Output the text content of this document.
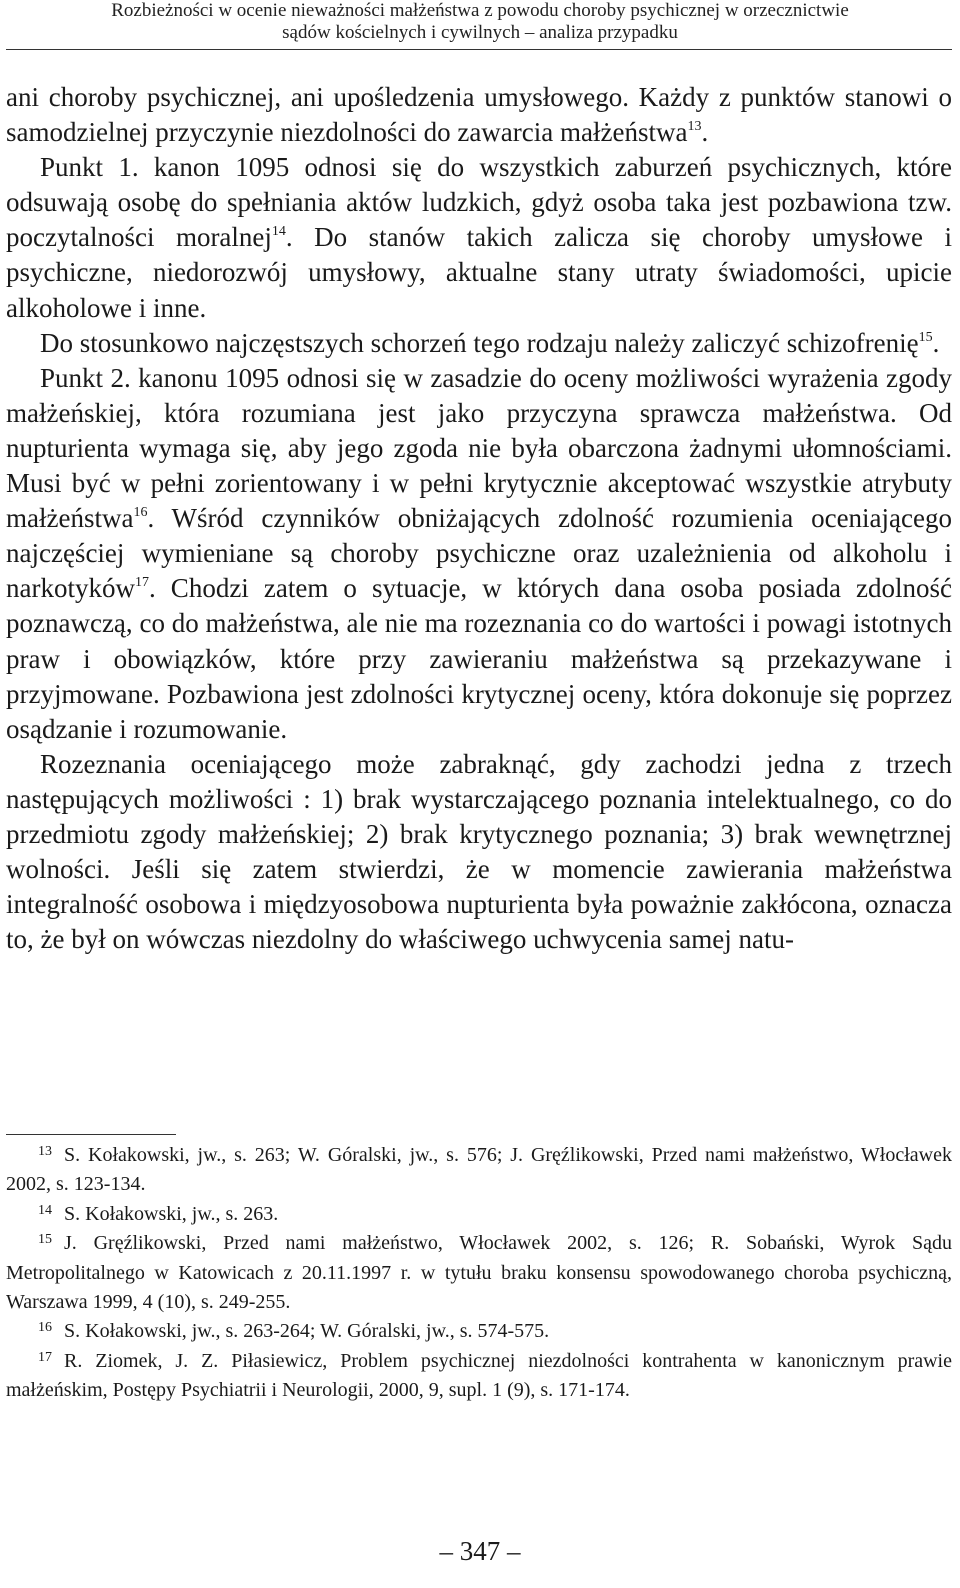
Rozbieżności w ocenie nieważności małżeństwa z powodu choroby psychicznej w orzecznictwie
sądów kościelnych i cywilnych – analiza przypadku

ani choroby psychicznej, ani upośledzenia umysłowego. Każdy z punktów stanowi o samodzielnej przyczynie niezdolności do zawarcia małżeństwa$^{13}$.

Punkt 1. kanon 1095 odnosi się do wszystkich zaburzeń psychicznych, które odsuwają osobę do spełniania aktów ludzkich, gdyż osoba taka jest pozbawiona tzw. poczytalności moralnej$^{14}$. Do stanów takich zalicza się choroby umysłowe i psychiczne, niedorozwój umysłowy, aktualne stany utraty świadomości, upicie alkoholowe i inne.

Do stosunkowo najczęstszych schorzeń tego rodzaju należy zaliczyć schizofrenię$^{15}$.

Punkt 2. kanonu 1095 odnosi się w zasadzie do oceny możliwości wyrażenia zgody małżeńskiej, która rozumiana jest jako przyczyna sprawcza małżeństwa. Od nupturienta wymaga się, aby jego zgoda nie była obarczona żadnymi ułomnościami. Musi być w pełni zorientowany i w pełni krytycznie akceptować wszystkie atrybuty małżeństwa$^{16}$. Wśród czynników obniżających zdolność rozumienia oceniającego najczęściej wymieniane są choroby psychiczne oraz uzależnienia od alkoholu i narkotyków$^{17}$. Chodzi zatem o sytuacje, w których dana osoba posiada zdolność poznawczą, co do małżeństwa, ale nie ma rozeznania co do wartości i powagi istotnych praw i obowiązków, które przy zawieraniu małżeństwa są przekazywane i przyjmowane. Pozbawiona jest zdolności krytycznej oceny, która dokonuje się poprzez osądzanie i rozumowanie.

Rozeznania oceniającego może zabraknąć, gdy zachodzi jedna z trzech następujących możliwości : 1) brak wystarczającego poznania intelektualnego, co do przedmiotu zgody małżeńskiej; 2) brak krytycznego poznania; 3) brak wewnętrznej wolności. Jeśli się zatem stwierdzi, że w momencie zawierania małżeństwa integralność osobowa i międzyosobowa nupturienta była poważnie zakłócona, oznacza to, że był on wówczas niezdolny do właściwego uchwycenia samej natu-

$^{13}$ S. Kołakowski, jw., s. 263; W. Góralski, jw., s. 576; J. Gręźlikowski, Przed nami małżeństwo, Włocławek 2002, s. 123-134.

$^{14}$ S. Kołakowski, jw., s. 263.

$^{15}$ J. Gręźlikowski, Przed nami małżeństwo, Włocławek 2002, s. 126; R. Sobański, Wyrok Sądu Metropolitalnego w Katowicach z 20.11.1997 r. w tytułu braku konsensu spowodowanego choroba psychiczną, Warszawa 1999, 4 (10), s. 249-255.

$^{16}$ S. Kołakowski, jw., s. 263-264; W. Góralski, jw., s. 574-575.

$^{17}$ R. Ziomek, J. Z. Piłasiewicz, Problem psychicznej niezdolności kontrahenta w kanonicznym prawie małżeńskim, Postępy Psychiatrii i Neurologii, 2000, 9, supl. 1 (9), s. 171-174.

– 347 –
